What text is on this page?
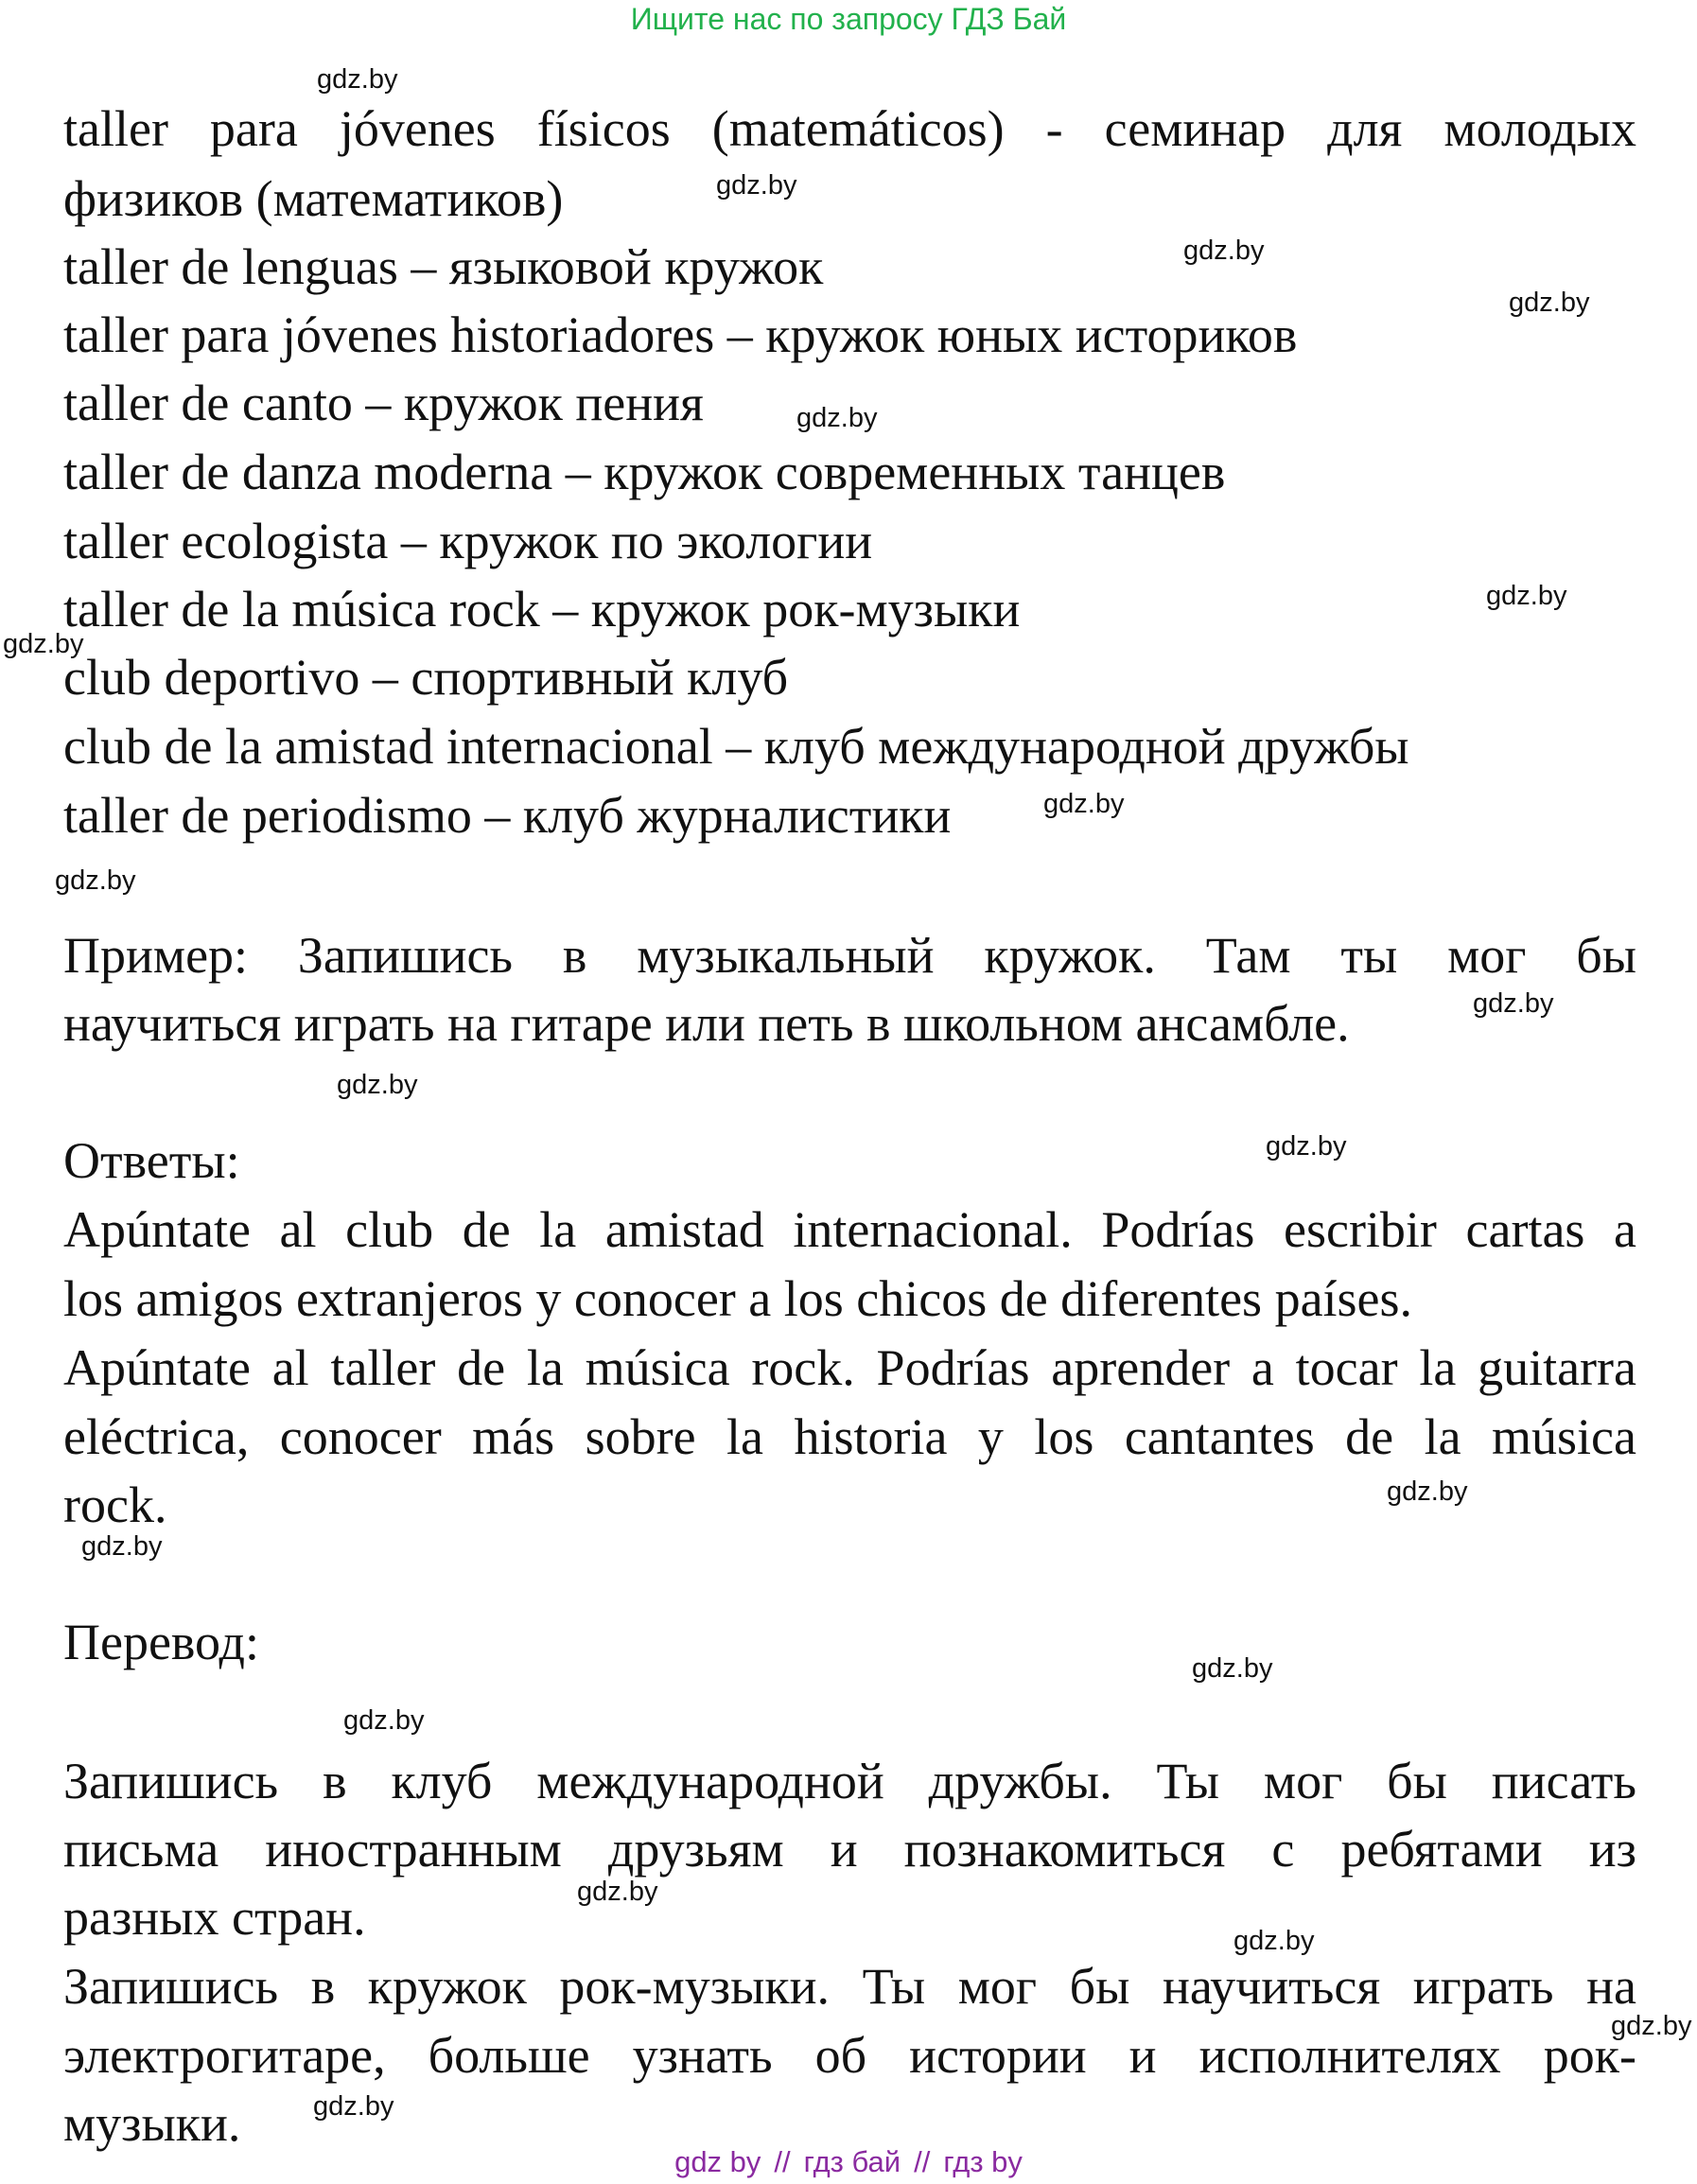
Ищите нас по запросу ГДЗ Бай
taller para jóvenes físicos (matemáticos) - семинар для молодых
физиков (математиков)
taller de lenguas – языковой кружок
taller para jóvenes historiadores – кружок юных историков
taller de canto – кружок пения
taller de danza moderna – кружок современных танцев
taller ecologista – кружок по экологии
taller de la música rock – кружок рок-музыки
club deportivo – спортивный клуб
club de la amistad internacional – клуб международной дружбы
taller de periodismo – клуб журналистики
Пример: Запишись в музыкальный кружок. Там ты мог бы
научиться играть на гитаре или петь в школьном ансамбле.
Ответы:
Apúntate al club de la amistad internacional. Podrías escribir cartas a
los amigos extranjeros y conocer a los chicos de diferentes países.
Apúntate al taller de la música rock. Podrías aprender a tocar la guitarra
eléctrica, conocer más sobre la historia y los cantantes de la música
rock.
Перевод:
Запишись в клуб международной дружбы. Ты мог бы писать
письма иностранным друзьям и познакомиться с ребятами из
разных стран.
Запишись в кружок рок-музыки. Ты мог бы научиться играть на
электрогитаре, больше узнать об истории и исполнителях рок-
музыки.
gdz.by
gdz.by
gdz.by
gdz.by
gdz.by
gdz.by
gdz.by
gdz.by
gdz.by
gdz.by
gdz.by
gdz.by
gdz.by
gdz.by
gdz.by
gdz.by
gdz.by
gdz.by
gdz.by
gdz.by
gdz by // гдз бай // гдз by
